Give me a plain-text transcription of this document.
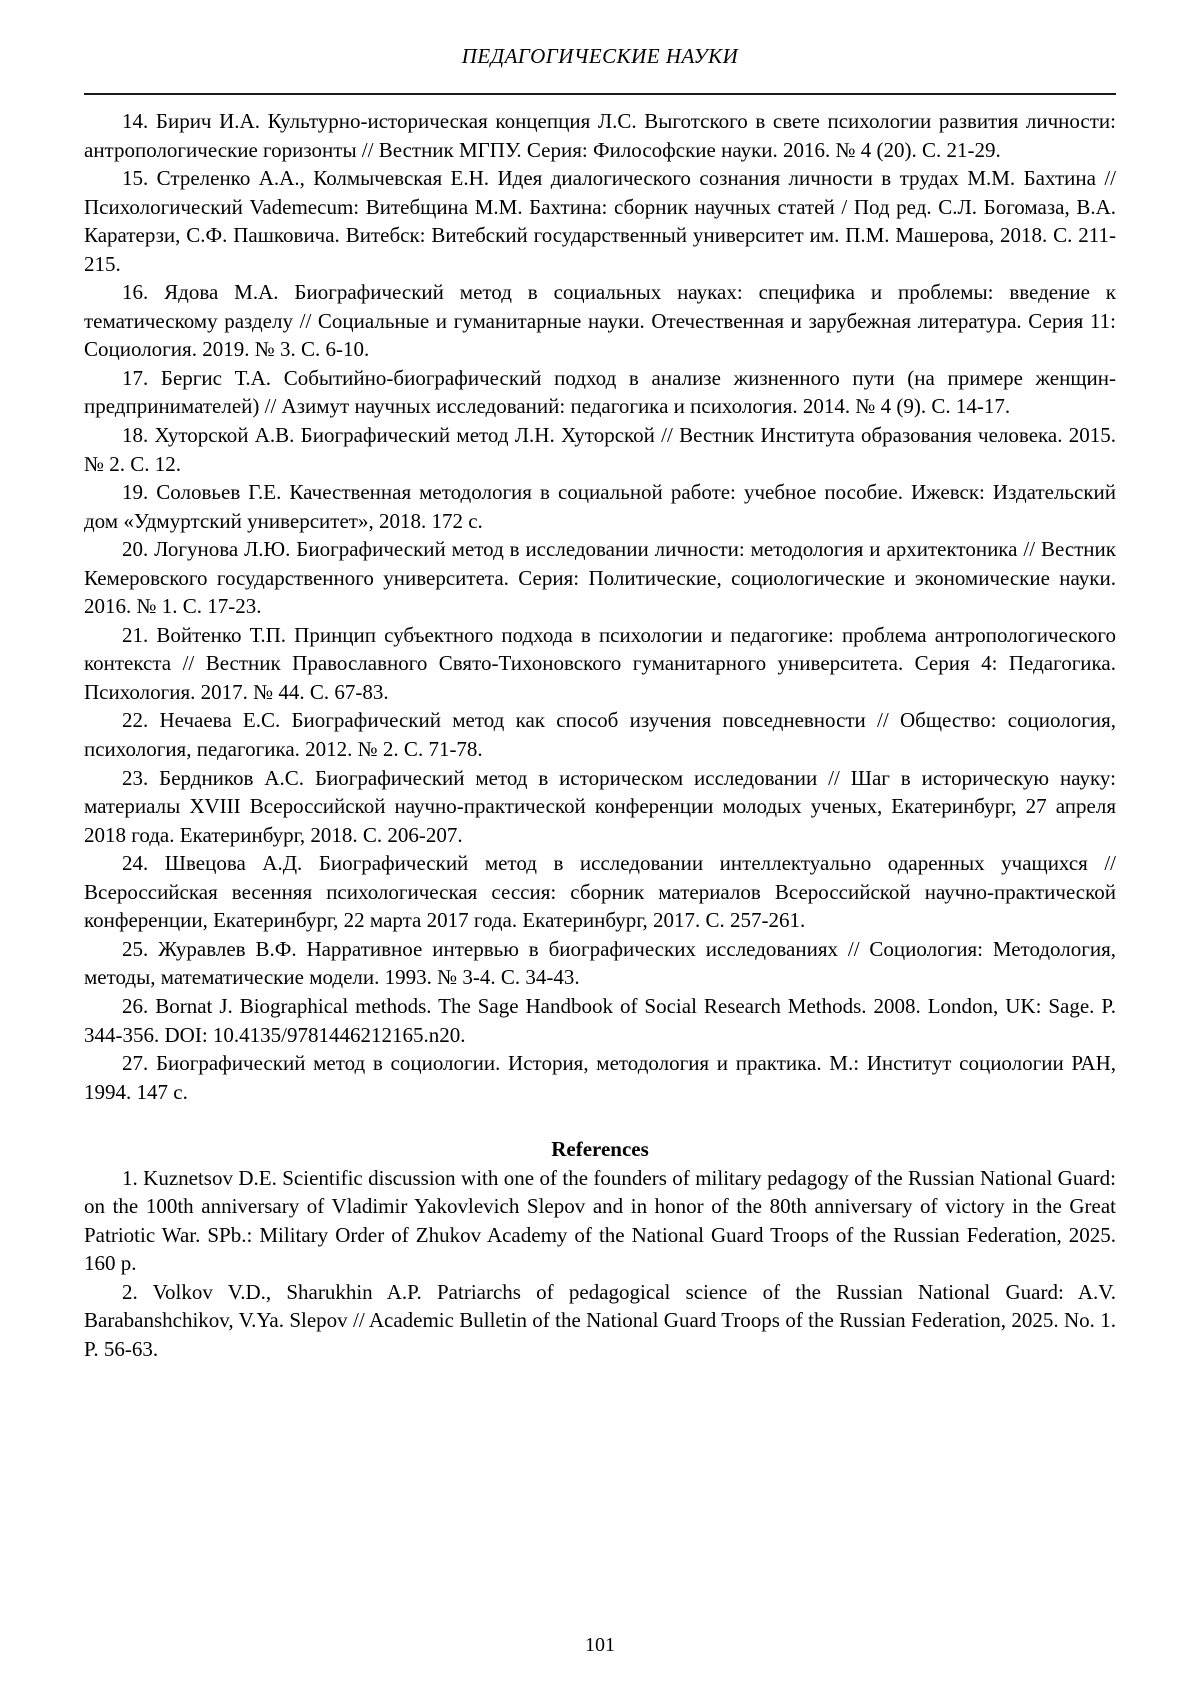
ПЕДАГОГИЧЕСКИЕ НАУКИ

14. Бирич И.А. Культурно-историческая концепция Л.С. Выготского в свете психологии развития личности: антропологические горизонты // Вестник МГПУ. Серия: Философские науки. 2016. № 4 (20). С. 21-29.

15. Стреленко А.А., Колмычевская Е.Н. Идея диалогического сознания личности в трудах М.М. Бахтина // Психологический Vademecum: Витебщина М.М. Бахтина: сборник научных статей / Под ред. С.Л. Богомаза, В.А. Каратерзи, С.Ф. Пашковича. Витебск: Витебский государственный университет им. П.М. Машерова, 2018. С. 211-215.

16. Ядова М.А. Биографический метод в социальных науках: специфика и проблемы: введение к тематическому разделу // Социальные и гуманитарные науки. Отечественная и зарубежная литература. Серия 11: Социология. 2019. № 3. С. 6-10.

17. Бергис Т.А. Событийно-биографический подход в анализе жизненного пути (на примере женщин-предпринимателей) // Азимут научных исследований: педагогика и психология. 2014. № 4 (9). С. 14-17.

18. Хуторской А.В. Биографический метод Л.Н. Хуторской // Вестник Института образования человека. 2015. № 2. С. 12.

19. Соловьев Г.Е. Качественная методология в социальной работе: учебное пособие. Ижевск: Издательский дом «Удмуртский университет», 2018. 172 с.

20. Логунова Л.Ю. Биографический метод в исследовании личности: методология и архитектоника // Вестник Кемеровского государственного университета. Серия: Политические, социологические и экономические науки. 2016. № 1. С. 17-23.

21. Войтенко Т.П. Принцип субъектного подхода в психологии и педагогике: проблема антропологического контекста // Вестник Православного Свято-Тихоновского гуманитарного университета. Серия 4: Педагогика. Психология. 2017. № 44. С. 67-83.

22. Нечаева Е.С. Биографический метод как способ изучения повседневности // Общество: социология, психология, педагогика. 2012. № 2. С. 71-78.

23. Бердников А.С. Биографический метод в историческом исследовании // Шаг в историческую науку: материалы XVIII Всероссийской научно-практической конференции молодых ученых, Екатеринбург, 27 апреля 2018 года. Екатеринбург, 2018. С. 206-207.

24. Швецова А.Д. Биографический метод в исследовании интеллектуально одаренных учащихся // Всероссийская весенняя психологическая сессия: сборник материалов Всероссийской научно-практической конференции, Екатеринбург, 22 марта 2017 года. Екатеринбург, 2017. С. 257-261.

25. Журавлев В.Ф. Нарративное интервью в биографических исследованиях // Социология: Методология, методы, математические модели. 1993. № 3-4. С. 34-43.

26. Bornat J. Biographical methods. The Sage Handbook of Social Research Methods. 2008. London, UK: Sage. P. 344-356. DOI: 10.4135/9781446212165.n20.

27. Биографический метод в социологии. История, методология и практика. М.: Институт социологии РАН, 1994. 147 с.

References

1. Kuznetsov D.E. Scientific discussion with one of the founders of military pedagogy of the Russian National Guard: on the 100th anniversary of Vladimir Yakovlevich Slepov and in honor of the 80th anniversary of victory in the Great Patriotic War. SPb.: Military Order of Zhukov Academy of the National Guard Troops of the Russian Federation, 2025. 160 p.

2. Volkov V.D., Sharukhin A.P. Patriarchs of pedagogical science of the Russian National Guard: A.V. Barabanshchikov, V.Ya. Slepov // Academic Bulletin of the National Guard Troops of the Russian Federation, 2025. No. 1. P. 56-63.

101
